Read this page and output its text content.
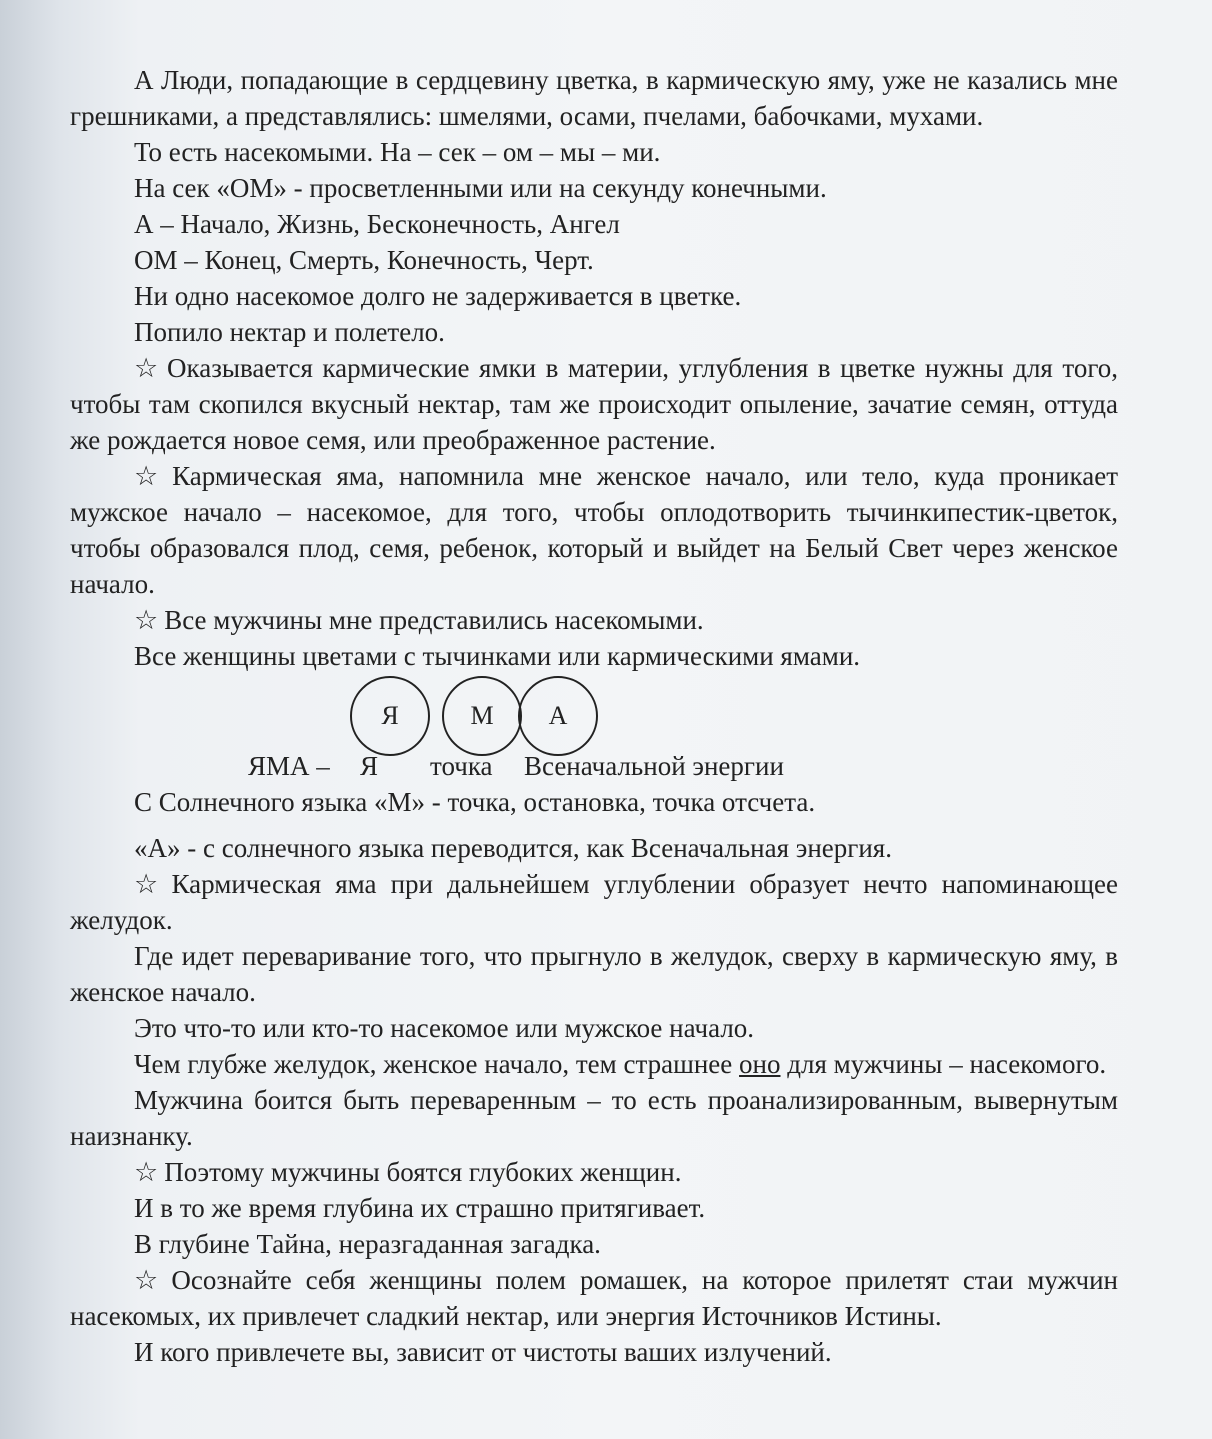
А Люди, попадающие в сердцевину цветка, в кармическую яму, уже не казались мне грешниками, а представлялись: шмелями, осами, пчелами, бабочками, мухами.

То есть насекомыми. На – сек – ом – мы – ми.

На сек «ОМ» - просветленными или на секунду конечными.

А – Начало, Жизнь, Бесконечность, Ангел

ОМ – Конец, Смерть, Конечность, Черт.

Ни одно насекомое долго не задерживается в цветке.

Попило нектар и полетело.

☆ Оказывается кармические ямки в материи, углубления в цветке нужны для того, чтобы там скопился вкусный нектар, там же происходит опыление, зачатие семян, оттуда же рождается новое семя, или преображенное растение.

☆ Кармическая яма, напомнила мне женское начало, или тело, куда проникает мужское начало – насекомое, для того, чтобы оплодотворить тычинкипестик-цветок, чтобы образовался плод, семя, ребенок, который и выйдет на Белый Свет через женское начало.

☆ Все мужчины мне представились насекомыми.

Все женщины цветами с тычинками или кармическими ямами.

Я	М А
ЯМА – Я точка Всеначальной энергии

С Солнечного языка «М» - точка, остановка, точка отсчета.

«А» - с солнечного языка переводится, как Всеначальная энергия.

☆ Кармическая яма при дальнейшем углублении образует нечто напоминающее желудок.

Где идет переваривание того, что прыгнуло в желудок, сверху в кармическую яму, в женское начало.

Это что-то или кто-то насекомое или мужское начало.

Чем глубже желудок, женское начало, тем страшнее оно для мужчины – насекомого.

Мужчина боится быть переваренным – то есть проанализированным, вывернутым наизнанку.

☆ Поэтому мужчины боятся глубоких женщин.

И в то же время глубина их страшно притягивает.

В глубине Тайна, неразгаданная загадка.

☆ Осознайте себя женщины полем ромашек, на которое прилетят стаи мужчин насекомых, их привлечет сладкий нектар, или энергия Источников Истины.

И кого привлечете вы, зависит от чистоты ваших излучений.
